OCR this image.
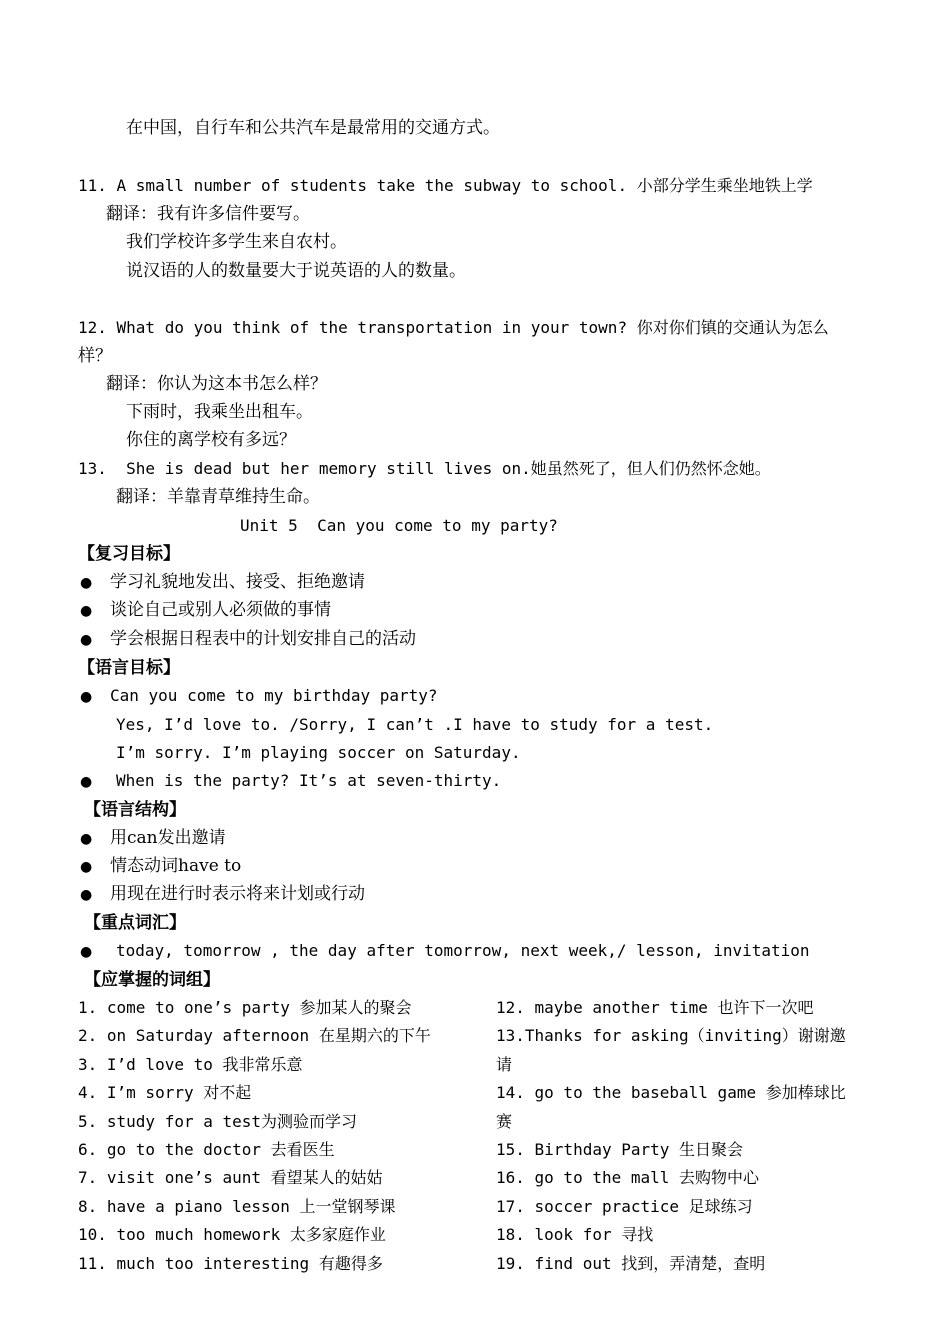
在中国，自行车和公共汽车是最常用的交通方式。
11. A small number of students take the subway to school. 小部分学生乘坐地铁上学
翻译：我有许多信件要写。
我们学校许多学生来自农村。
说汉语的人的数量要大于说英语的人的数量。
12. What do you think of the transportation in your town? 你对你们镇的交通认为怎么
样？
翻译：你认为这本书怎么样？
下雨时，我乘坐出租车。
你住的离学校有多远？
13.  She is dead but her memory still lives on.她虽然死了，但人们仍然怀念她。
翻译：羊靠青草维持生命。
Unit 5  Can you come to my party?
【复习目标】
● 学习礼貌地发出、接受、拒绝邀请
● 谈论自己或别人必须做的事情
● 学会根据日程表中的计划安排自己的活动
【语言目标】
● Can you come to my birthday party?
Yes, I’d love to. /Sorry, I can’t .I have to study for a test.
I’m sorry. I’m playing soccer on Saturday.
● When is the party? It’s at seven-thirty.
【语言结构】
● 用can发出邀请
● 情态动词have to
● 用现在进行时表示将来计划或行动
【重点词汇】
● today, tomorrow , the day after tomorrow, next week,/ lesson, invitation
【应掌握的词组】
1. come to one’s party 参加某人的聚会
2. on Saturday afternoon 在星期六的下午
3. I’d love to 我非常乐意
4. I’m sorry 对不起
5. study for a test为测验而学习
6. go to the doctor 去看医生
7. visit one’s aunt 看望某人的姑姑
8. have a piano lesson 上一堂钢琴课
10. too much homework 太多家庭作业
11. much too interesting 有趣得多
12. maybe another time 也许下一次吧
13.Thanks for asking（inviting）谢谢邀
请
14. go to the baseball game 参加棒球比
赛
15. Birthday Party 生日聚会
16. go to the mall 去购物中心
17. soccer practice 足球练习
18. look for 寻找
19. find out 找到，弄清楚，查明
